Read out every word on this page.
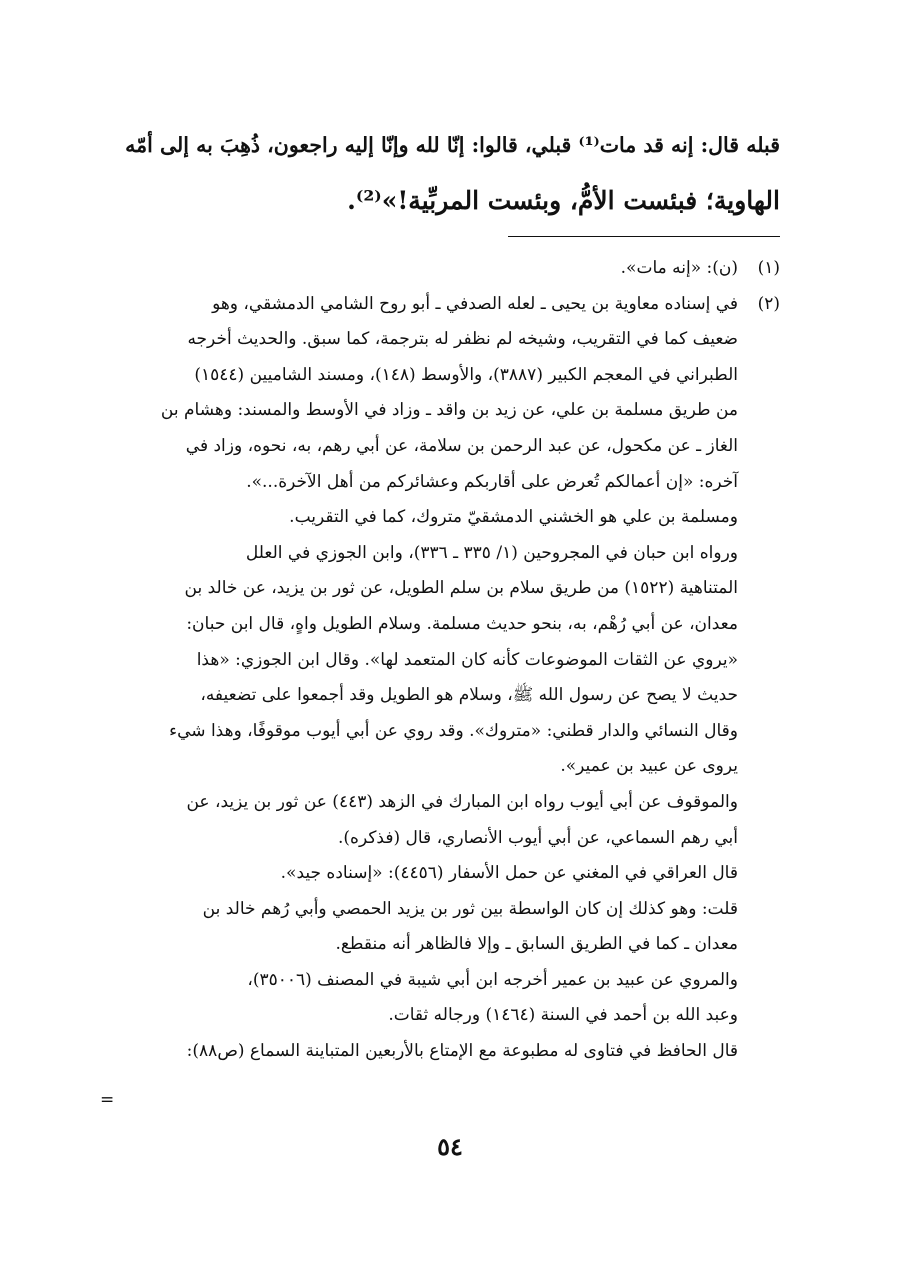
قبله قال: إنه قد مات⁽¹⁾ قبلي، قالوا: إنّا لله وإنّا إليه راجعون، ذُهِبَ به إلى أمّه
الهاوية؛ فبئست الأمُّ، وبئست المربِّية!»⁽²⁾.
(١)(ن): «إنه مات».
(٢)في إسناده معاوية بن يحيى ـ لعله الصدفي ـ أبو روح الشامي الدمشقي، وهو
ضعيف كما في التقريب، وشيخه لم نظفر له بترجمة، كما سبق. والحديث أخرجه
الطبراني في المعجم الكبير (٣٨٨٧)، والأوسط (١٤٨)، ومسند الشاميين (١٥٤٤)
من طريق مسلمة بن علي، عن زيد بن واقد ـ وزاد في الأوسط والمسند: وهشام بن
الغاز ـ عن مكحول، عن عبد الرحمن بن سلامة، عن أبي رهم، به، نحوه، وزاد في
آخره: «إن أعمالكم تُعرض على أقاربكم وعشائركم من أهل الآخرة...».
ومسلمة بن علي هو الخشني الدمشقيّ متروك، كما في التقريب.
ورواه ابن حبان في المجروحين (١/ ٣٣٥ ـ ٣٣٦)، وابن الجوزي في العلل
المتناهية (١٥٢٢) من طريق سلام بن سلم الطويل، عن ثور بن يزيد، عن خالد بن
معدان، عن أبي رُهْم، به، بنحو حديث مسلمة. وسلام الطويل واهٍ، قال ابن حبان:
«يروي عن الثقات الموضوعات كأنه كان المتعمد لها». وقال ابن الجوزي: «هذا
حديث لا يصح عن رسول الله ﷺ، وسلام هو الطويل وقد أجمعوا على تضعيفه،
وقال النسائي والدار قطني: «متروك». وقد روي عن أبي أيوب موقوفًا، وهذا شيء
يروى عن عبيد بن عمير».
والموقوف عن أبي أيوب رواه ابن المبارك في الزهد (٤٤٣) عن ثور بن يزيد، عن
أبي رهم السماعي، عن أبي أيوب الأنصاري، قال (فذكره).
قال العراقي في المغني عن حمل الأسفار (٤٤٥٦): «إسناده جيد».
قلت: وهو كذلك إن كان الواسطة بين ثور بن يزيد الحمصي وأبي رُهم خالد بن
معدان ـ كما في الطريق السابق ـ وإلا فالظاهر أنه منقطع.
والمروي عن عبيد بن عمير أخرجه ابن أبي شيبة في المصنف (٣٥٠٠٦)،
وعبد الله بن أحمد في السنة (١٤٦٤) ورجاله ثقات.
قال الحافظ في فتاوى له مطبوعة مع الإمتاع بالأربعين المتباينة السماع (ص٨٨):
=
٥٤
